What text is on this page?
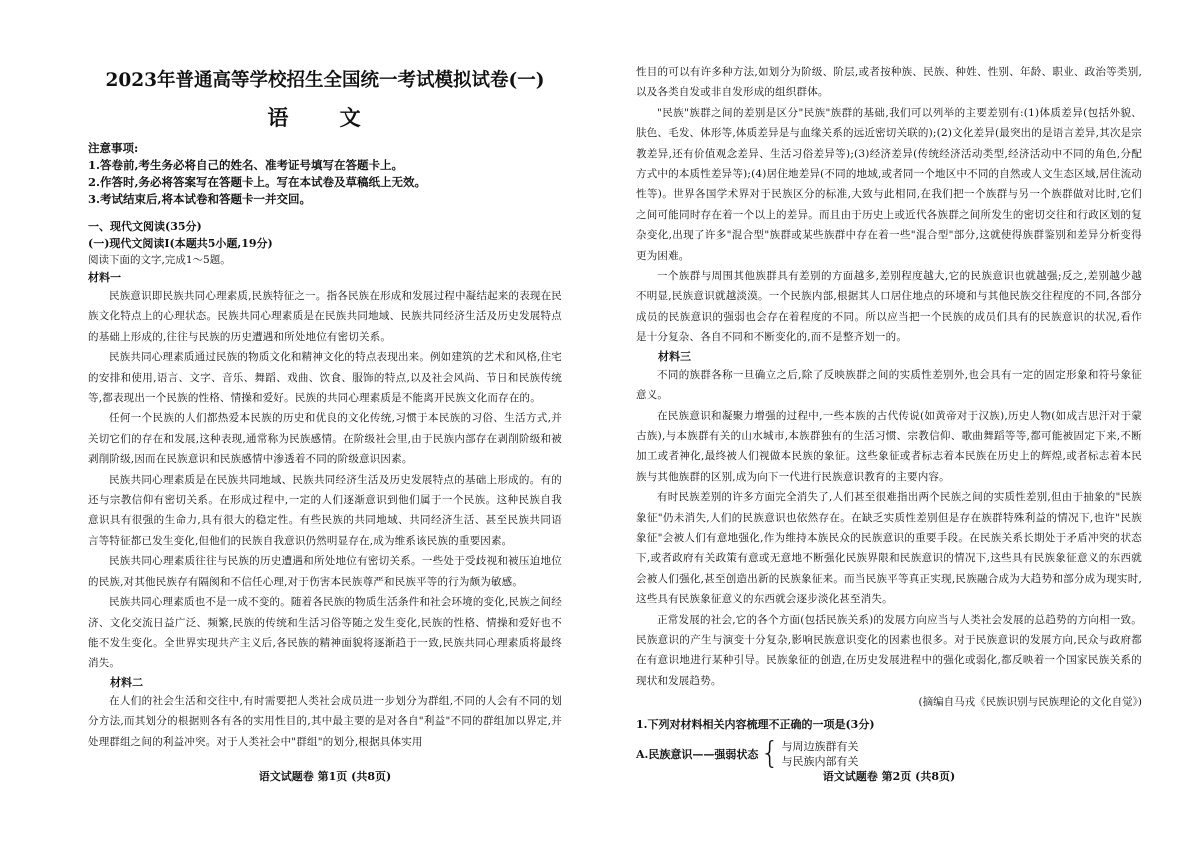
2023年普通高等学校招生全国统一考试模拟试卷(一)
语 文
注意事项:
1.答卷前,考生务必将自己的姓名、准考证号填写在答题卡上。
2.作答时,务必将答案写在答题卡上。写在本试卷及草稿纸上无效。
3.考试结束后,将本试卷和答题卡一并交回。
一、现代文阅读(35分)
(一)现代文阅读I(本题共5小题,19分)
阅读下面的文字,完成1～5题。
材料一

民族意识即民族共同心理素质,民族特征之一。指各民族在形成和发展过程中凝结起来的表现在民族文化特点上的心理状态。民族共同心理素质是在民族共同地域、民族共同经济生活及历史发展特点的基础上形成的,往往与民族的历史遭遇和所处地位有密切关系。

民族共同心理素质通过民族的物质文化和精神文化的特点表现出来。例如建筑的艺术和风格,住宅的安排和使用,语言、文字、音乐、舞蹈、戏曲、饮食、服饰的特点,以及社会风尚、节日和民族传统等,都表现出一个民族的性格、情操和爱好。民族的共同心理素质是不能离开民族文化而存在的。

任何一个民族的人们都热爱本民族的历史和优良的文化传统,习惯于本民族的习俗、生活方式,并关切它们的存在和发展,这种表现,通常称为民族感情。在阶级社会里,由于民族内部存在剥削阶级和被剥削阶级,因而在民族意识和民族感情中渗透着不同的阶级意识因素。

民族共同心理素质是在民族共同地域、民族共同经济生活及历史发展特点的基础上形成的。有的还与宗教信仰有密切关系。在形成过程中,一定的人们逐渐意识到他们属于一个民族。这种民族自我意识具有很强的生命力,具有很大的稳定性。有些民族的共同地域、共同经济生活、甚至民族共同语言等特征都已发生变化,但他们的民族自我意识仍然明显存在,成为维系该民族的重要因素。

民族共同心理素质往往与民族的历史遭遇和所处地位有密切关系。一些处于受歧视和被压迫地位的民族,对其他民族存有隔阂和不信任心理,对于伤害本民族尊严和民族平等的行为颇为敏感。

民族共同心理素质也不是一成不变的。随着各民族的物质生活条件和社会环境的变化,民族之间经济、文化交流日益广泛、频繁,民族的传统和生活习俗等随之发生变化,民族的性格、情操和爱好也不能不发生变化。全世界实现共产主义后,各民族的精神面貌将逐渐趋于一致,民族共同心理素质将最终消失。

材料二

在人们的社会生活和交往中,有时需要把人类社会成员进一步划分为群组,不同的人会有不同的划分方法,而其划分的根据则各有各的实用性目的,其中最主要的是对各自"利益"不同的群组加以界定,并处理群组之间的利益冲突。对于人类社会中"群组"的划分,根据具体实用

语文试题卷 第1页 (共8页)

性目的可以有许多种方法,如划分为阶级、阶层,或者按种族、民族、种姓、性别、年龄、职业、政治等类别,以及各类自发或非自发形成的组织群体。

"民族"族群之间的差别是区分"民族"族群的基础,我们可以列举的主要差别有:(1)体质差异(包括外貌、肤色、毛发、体形等,体质差异是与血缘关系的远近密切关联的);(2)文化差异(最突出的是语言差异,其次是宗教差异,还有价值观念差异、生活习俗差异等);(3)经济差异(传统经济活动类型,经济活动中不同的角色,分配方式中的本质性差异等);(4)居住地差异(不同的地域,或者同一个地区中不同的自然或人文生态区域,居住流动性等)。世界各国学术界对于民族区分的标准,大致与此相同,在我们把一个族群与另一个族群做对比时,它们之间可能同时存在着一个以上的差异。而且由于历史上或近代各族群之间所发生的密切交往和行政区划的复杂变化,出现了许多"混合型"族群或某些族群中存在着一些"混合型"部分,这就使得族群鉴别和差异分析变得更为困难。

一个族群与周围其他族群具有差别的方面越多,差别程度越大,它的民族意识也就越强;反之,差别越少越不明显,民族意识就越淡漠。一个民族内部,根据其人口居住地点的环境和与其他民族交往程度的不同,各部分成员的民族意识的强弱也会存在着程度的不同。所以应当把一个民族的成员们具有的民族意识的状况,看作是十分复杂、各自不同和不断变化的,而不是整齐划一的。

材料三

不同的族群各称一旦确立之后,除了反映族群之间的实质性差别外,也会具有一定的固定形象和符号象征意义。

在民族意识和凝聚力增强的过程中,一些本族的古代传说(如黄帝对于汉族),历史人物(如成吉思汗对于蒙古族),与本族群有关的山水城市,本族群独有的生活习惯、宗教信仰、歌曲舞蹈等等,都可能被固定下来,不断加工或者神化,最终被人们视做本民族的象征。这些象征或者标志着本民族在历史上的辉煌,或者标志着本民族与其他族群的区别,成为向下一代进行民族意识教育的主要内容。

有时民族差别的许多方面完全消失了,人们甚至很难指出两个民族之间的实质性差别,但由于抽象的"民族象征"仍未消失,人们的民族意识也依然存在。在缺乏实质性差别但是存在族群特殊利益的情况下,也许"民族象征"会被人们有意地强化,作为维持本族民众的民族意识的重要手段。在民族关系长期处于矛盾冲突的状态下,或者政府有关政策有意或无意地不断强化民族界限和民族意识的情况下,这些具有民族象征意义的东西就会被人们强化,甚至创造出新的民族象征来。而当民族平等真正实现,民族融合成为大趋势和部分成为现实时,这些具有民族象征意义的东西就会逐步淡化甚至消失。

正常发展的社会,它的各个方面(包括民族关系)的发展方向应当与人类社会发展的总趋势的方向相一致。民族意识的产生与演变十分复杂,影响民族意识变化的因素也很多。对于民族意识的发展方向,民众与政府都在有意识地进行某种引导。民族象征的创造,在历史发展进程中的强化或弱化,都反映着一个国家民族关系的现状和发展趋势。

(摘编自马戎《民族识别与民族理论的文化自觉》)
1.下列对材料相关内容梳理不正确的一项是(3分)
A.民族意识——强弱状态 { 与周边族群有关
与民族内部有关
语文试题卷 第2页 (共8页)
